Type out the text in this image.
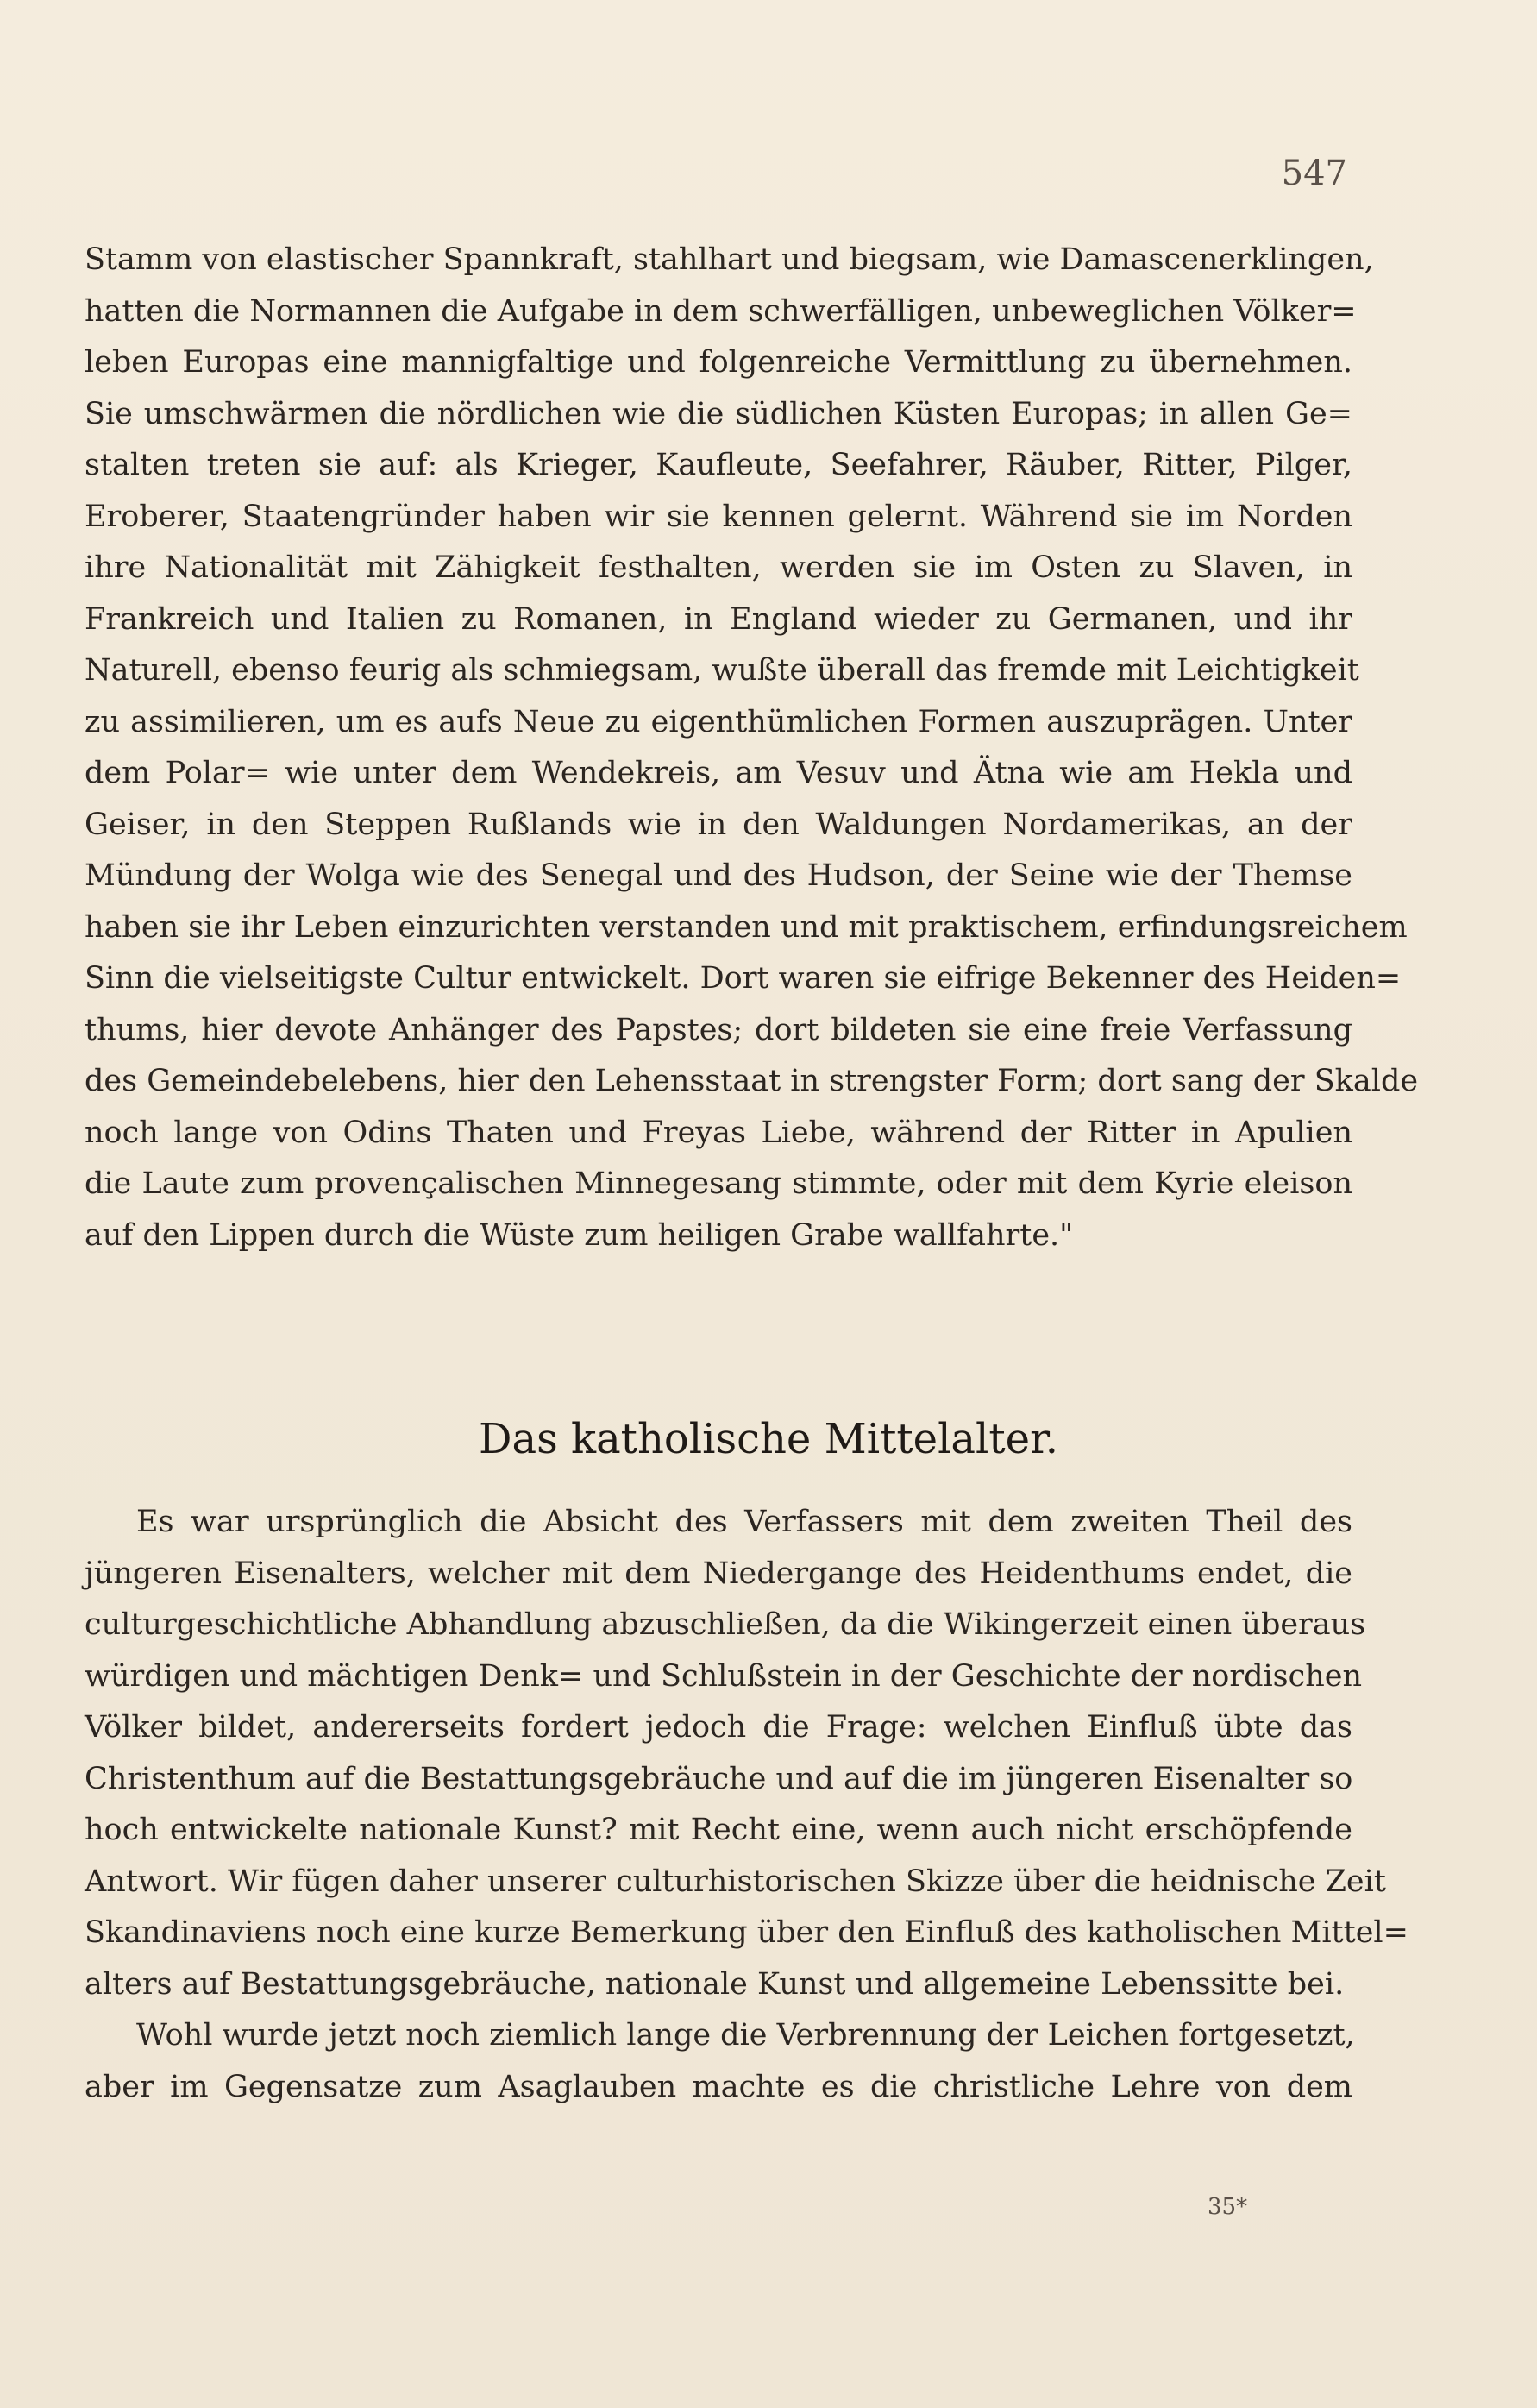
547
Stamm von elastischer Spannkraft, stahlhart und biegsam, wie Damascenerklingen,
hatten die Normannen die Aufgabe in dem schwerfälligen, unbeweglichen Völker=
leben Europas eine mannigfaltige und folgenreiche Vermittlung zu übernehmen.
Sie umschwärmen die nördlichen wie die südlichen Küsten Europas; in allen Ge=
stalten treten sie auf: als Krieger, Kaufleute, Seefahrer, Räuber, Ritter, Pilger,
Eroberer, Staatengründer haben wir sie kennen gelernt. Während sie im Norden
ihre Nationalität mit Zähigkeit festhalten, werden sie im Osten zu Slaven, in
Frankreich und Italien zu Romanen, in England wieder zu Germanen, und ihr
Naturell, ebenso feurig als schmiegsam, wußte überall das fremde mit Leichtigkeit
zu assimilieren, um es aufs Neue zu eigenthümlichen Formen auszuprägen. Unter
dem Polar= wie unter dem Wendekreis, am Vesuv und Ätna wie am Hekla und
Geiser, in den Steppen Rußlands wie in den Waldungen Nordamerikas, an der
Mündung der Wolga wie des Senegal und des Hudson, der Seine wie der Themse
haben sie ihr Leben einzurichten verstanden und mit praktischem, erfindungsreichem
Sinn die vielseitigste Cultur entwickelt. Dort waren sie eifrige Bekenner des Heiden=
thums, hier devote Anhänger des Papstes; dort bildeten sie eine freie Verfassung
des Gemeindebelebens, hier den Lehensstaat in strengster Form; dort sang der Skalde
noch lange von Odins Thaten und Freyas Liebe, während der Ritter in Apulien
die Laute zum provençalischen Minnegesang stimmte, oder mit dem Kyrie eleison
auf den Lippen durch die Wüste zum heiligen Grabe wallfahrte."
Das katholische Mittelalter.
Es war ursprünglich die Absicht des Verfassers mit dem zweiten Theil des
jüngeren Eisenalters, welcher mit dem Niedergange des Heidenthums endet, die
culturgeschichtliche Abhandlung abzuschließen, da die Wikingerzeit einen überaus
würdigen und mächtigen Denk= und Schlußstein in der Geschichte der nordischen
Völker bildet, andererseits fordert jedoch die Frage: welchen Einfluß übte das
Christenthum auf die Bestattungsgebräuche und auf die im jüngeren Eisenalter so
hoch entwickelte nationale Kunst? mit Recht eine, wenn auch nicht erschöpfende
Antwort. Wir fügen daher unserer culturhistorischen Skizze über die heidnische Zeit
Skandinaviens noch eine kurze Bemerkung über den Einfluß des katholischen Mittel=
alters auf Bestattungsgebräuche, nationale Kunst und allgemeine Lebenssitte bei.
Wohl wurde jetzt noch ziemlich lange die Verbrennung der Leichen fortgesetzt,
aber im Gegensatze zum Asaglauben machte es die christliche Lehre von dem
35*
